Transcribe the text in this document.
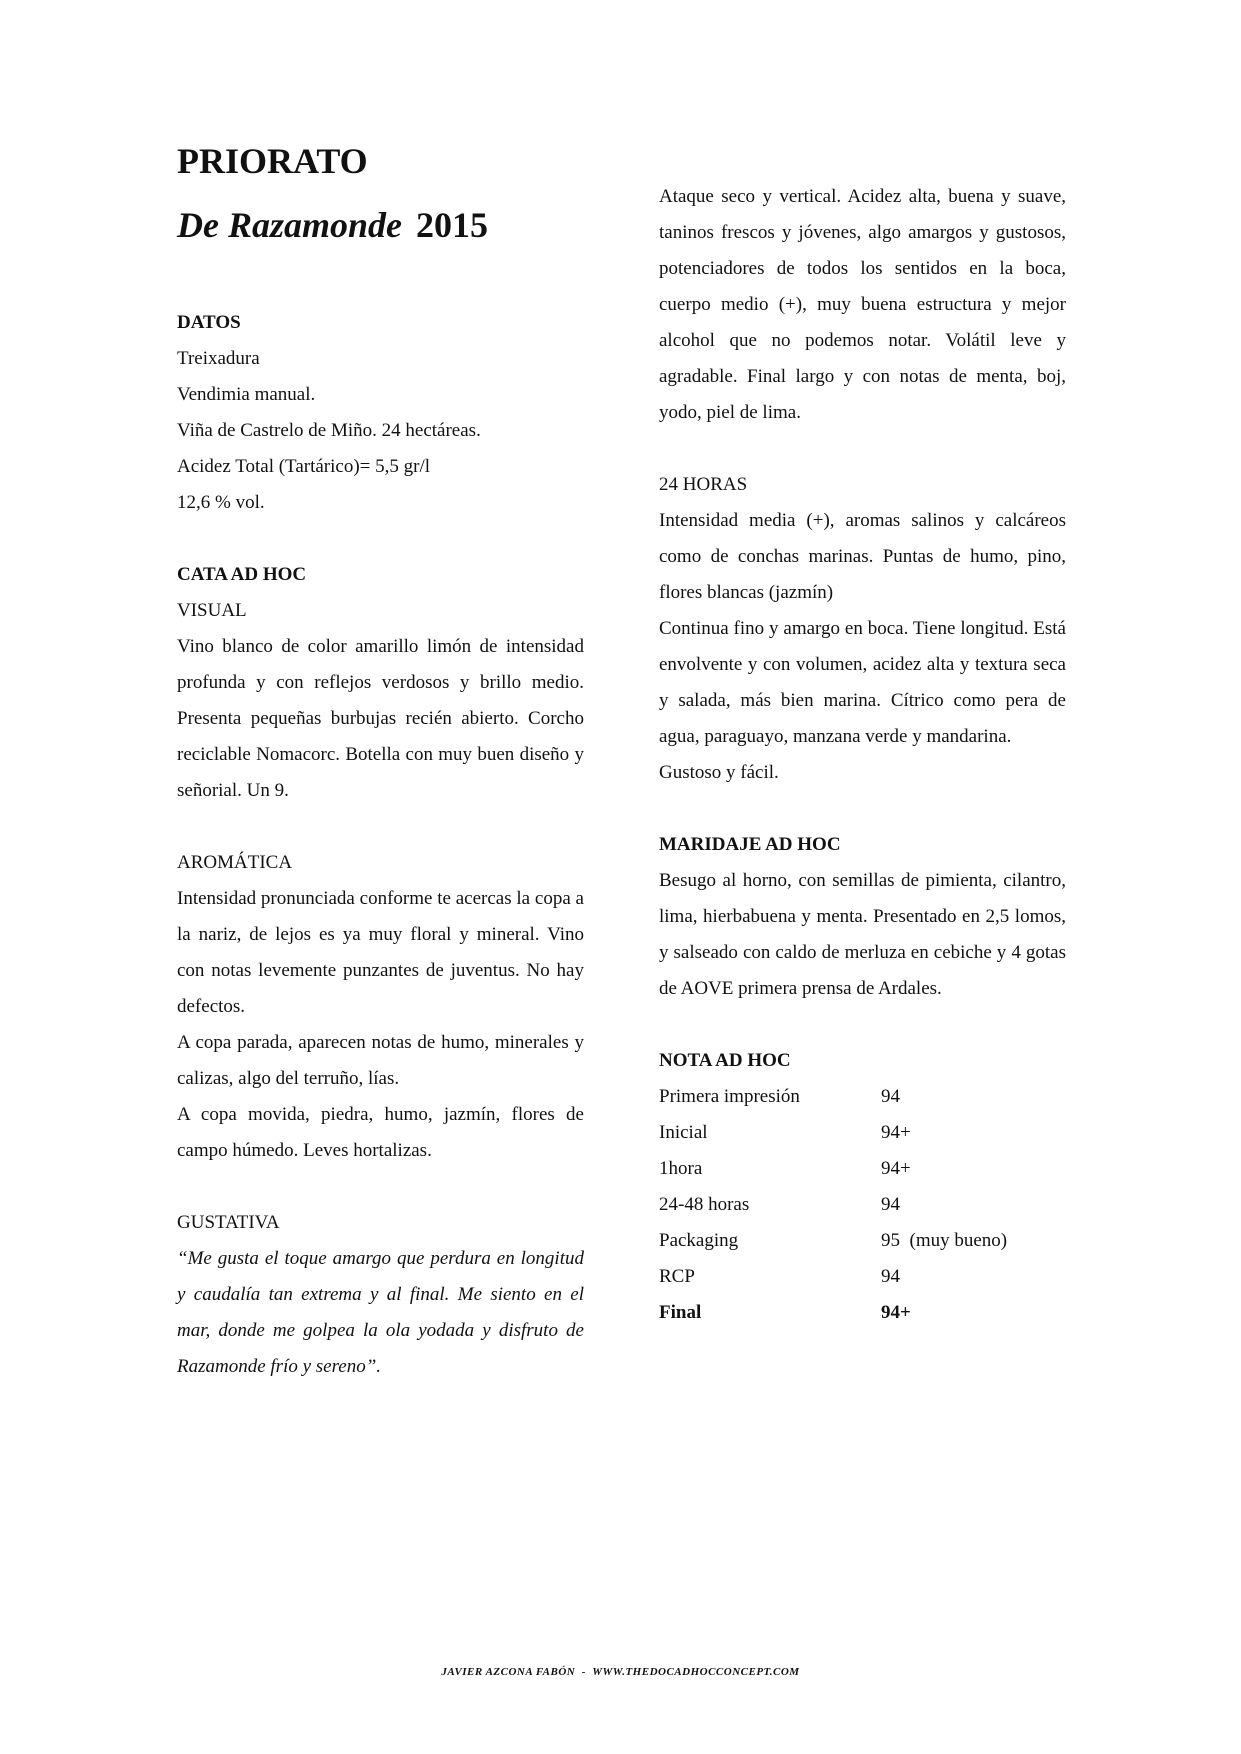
PRIORATO
De Razamonde 2015
DATOS
Treixadura
Vendimia manual.
Viña de Castrelo de Miño. 24 hectáreas.
Acidez Total (Tartárico)= 5,5 gr/l
12,6 % vol.
CATA AD HOC
VISUAL
Vino blanco de color amarillo limón de intensidad profunda y con reflejos verdosos y brillo medio. Presenta pequeñas burbujas recién abierto. Corcho reciclable Nomacorc. Botella con muy buen diseño y señorial. Un 9.
AROMÁTICA
Intensidad pronunciada conforme te acercas la copa a la nariz, de lejos es ya muy floral y mineral. Vino con notas levemente punzantes de juventus. No hay defectos.
A copa parada, aparecen notas de humo, minerales y calizas, algo del terruño, lías.
A copa movida, piedra, humo, jazmín, flores de campo húmedo. Leves hortalizas.
GUSTATIVA
“Me gusta el toque amargo que perdura en longitud y caudalía tan extrema y al final. Me siento en el mar, donde me golpea la ola yodada y disfruto de Razamonde frío y sereno”.
Ataque seco y vertical. Acidez alta, buena y suave, taninos frescos y jóvenes, algo amargos y gustosos, potenciadores de todos los sentidos en la boca, cuerpo medio (+), muy buena estructura y mejor alcohol que no podemos notar. Volátil leve y agradable. Final largo y con notas de menta, boj, yodo, piel de lima.
24 HORAS
Intensidad media (+), aromas salinos y calcáreos como de conchas marinas. Puntas de humo, pino, flores blancas (jazmín)
Continua fino y amargo en boca. Tiene longitud. Está envolvente y con volumen, acidez alta y textura seca y salada, más bien marina. Cítrico como pera de agua, paraguayo, manzana verde y mandarina.
Gustoso y fácil.
MARIDAJE AD HOC
Besugo al horno, con semillas de pimienta, cilantro, lima, hierbabuena y menta. Presentado en 2,5 lomos, y salseado con caldo de merluza en cebiche y 4 gotas de AOVE primera prensa de Ardales.
NOTA AD HOC
Primera impresión	94
Inicial	94+
1hora	94+
24-48 horas	94
Packaging	95  (muy bueno)
RCP	94
Final	94+
JAVIER AZCONA FABÓN  -  WWW.THEDOCADHOCCONCEPT.COM
